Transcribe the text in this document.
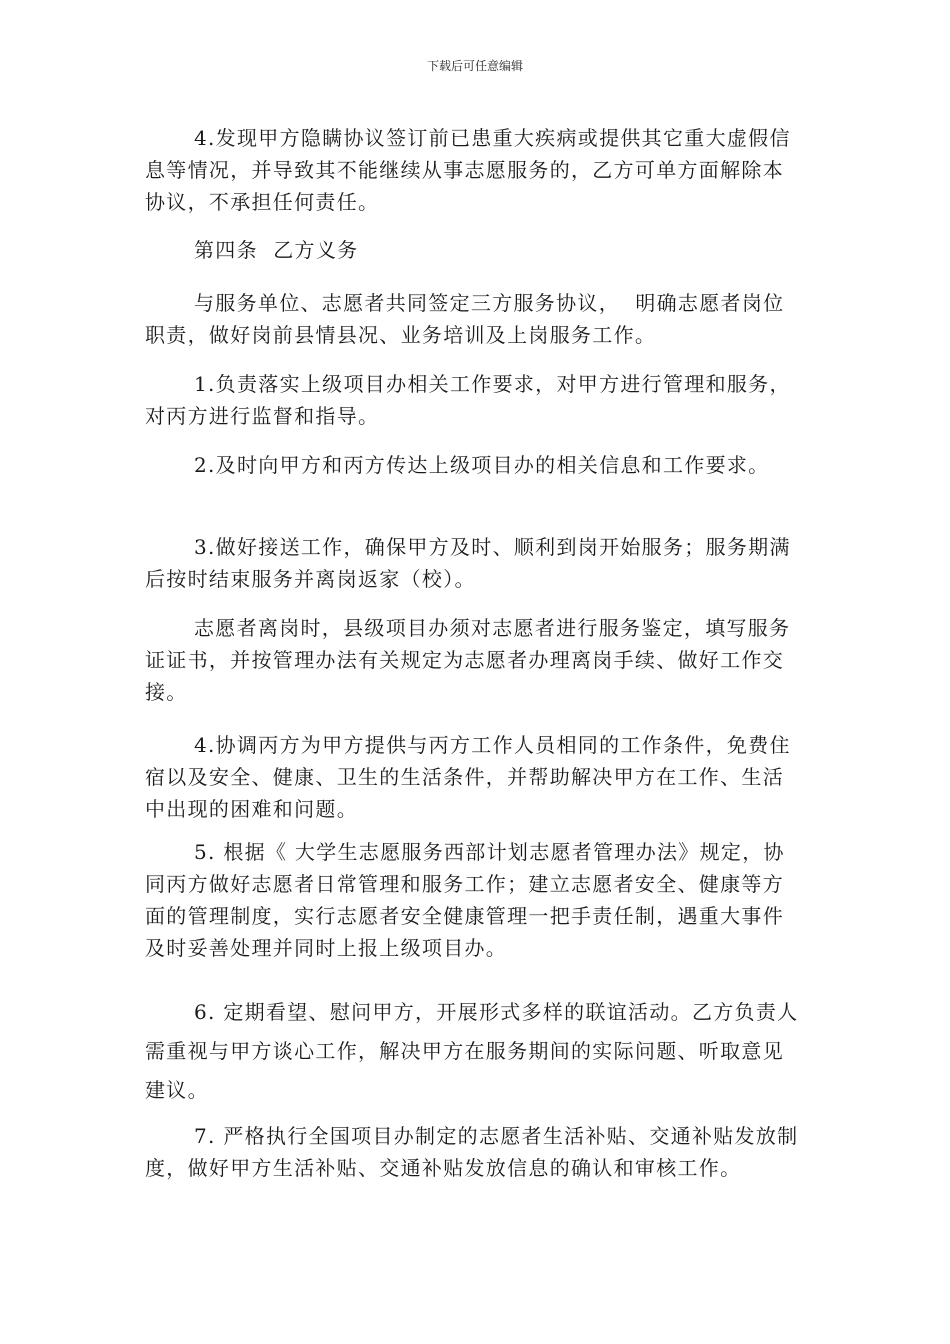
下载后可任意编辑

4.发现甲方隐瞒协议签订前已患重大疾病或提供其它重大虚假信息等情况，并导致其不能继续从事志愿服务的，乙方可单方面解除本协议，不承担任何责任。

第四条  乙方义务

与服务单位、志愿者共同签定三方服务协议，  明确志愿者岗位职责，做好岗前县情县况、业务培训及上岗服务工作。

1.负责落实上级项目办相关工作要求，对甲方进行管理和服务，对丙方进行监督和指导。

2.及时向甲方和丙方传达上级项目办的相关信息和工作要求。

3.做好接送工作，确保甲方及时、顺利到岗开始服务；服务期满后按时结束服务并离岗返家（校）。

志愿者离岗时，县级项目办须对志愿者进行服务鉴定，填写服务证证书，并按管理办法有关规定为志愿者办理离岗手续、做好工作交接。

4.协调丙方为甲方提供与丙方工作人员相同的工作条件，免费住宿以及安全、健康、卫生的生活条件，并帮助解决甲方在工作、生活中出现的困难和问题。

5. 根据《 大学生志愿服务西部计划志愿者管理办法》规定，协同丙方做好志愿者日常管理和服务工作；建立志愿者安全、健康等方面的管理制度，实行志愿者安全健康管理一把手责任制，遇重大事件及时妥善处理并同时上报上级项目办。

6. 定期看望、慰问甲方，开展形式多样的联谊活动。乙方负责人需重视与甲方谈心工作，解决甲方在服务期间的实际问题、听取意见建议。

7. 严格执行全国项目办制定的志愿者生活补贴、交通补贴发放制度，做好甲方生活补贴、交通补贴发放信息的确认和审核工作。
